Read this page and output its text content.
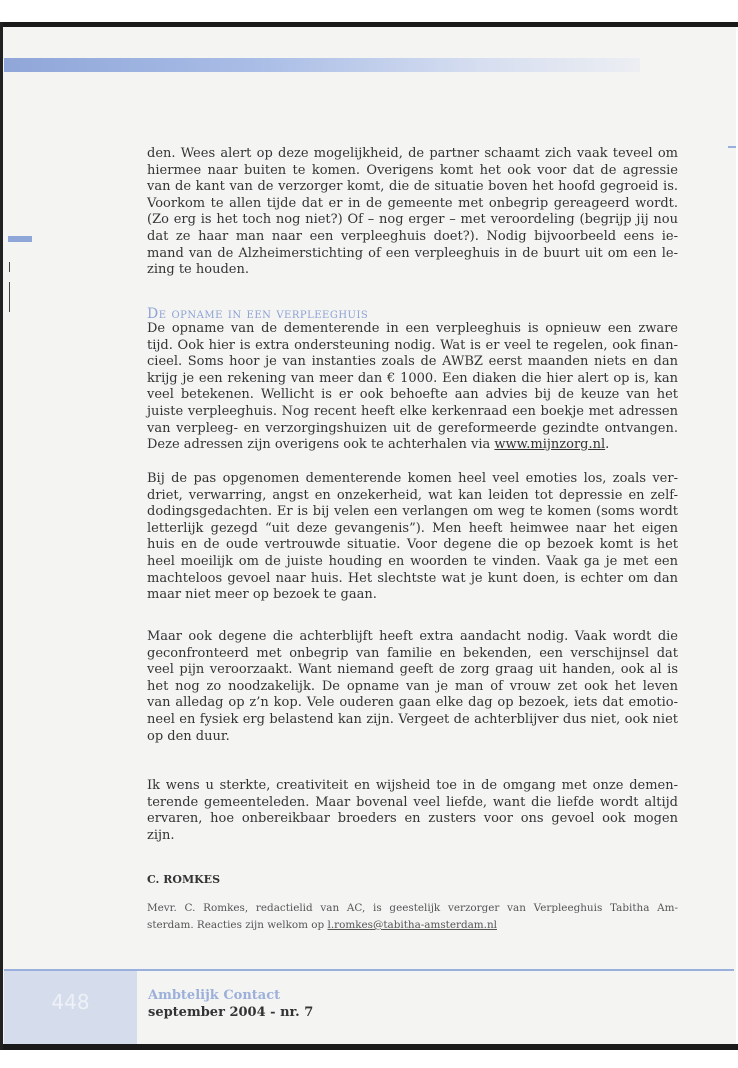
den. Wees alert op deze mogelijkheid, de partner schaamt zich vaak teveel om
hiermee naar buiten te komen. Overigens komt het ook voor dat de agressie
van de kant van de verzorger komt, die de situatie boven het hoofd gegroeid is.
Voorkom te allen tijde dat er in de gemeente met onbegrip gereageerd wordt.
(Zo erg is het toch nog niet?) Of – nog erger – met veroordeling (begrijp jij nou
dat ze haar man naar een verpleeghuis doet?). Nodig bijvoorbeeld eens ie-
mand van de Alzheimerstichting of een verpleeghuis in de buurt uit om een le-
zing te houden.
De opname in een verpleeghuis
De opname van de dementerende in een verpleeghuis is opnieuw een zware
tijd. Ook hier is extra ondersteuning nodig. Wat is er veel te regelen, ook finan-
cieel. Soms hoor je van instanties zoals de AWBZ eerst maanden niets en dan
krijg je een rekening van meer dan € 1000. Een diaken die hier alert op is, kan
veel betekenen. Wellicht is er ook behoefte aan advies bij de keuze van het
juiste verpleeghuis. Nog recent heeft elke kerkenraad een boekje met adressen
van verpleeg- en verzorgingshuizen uit de gereformeerde gezindte ontvangen.
Deze adressen zijn overigens ook te achterhalen via www.mijnzorg.nl.
Bij de pas opgenomen dementerende komen heel veel emoties los, zoals ver-
driet, verwarring, angst en onzekerheid, wat kan leiden tot depressie en zelf-
dodingsgedachten. Er is bij velen een verlangen om weg te komen (soms wordt
letterlijk gezegd “uit deze gevangenis”). Men heeft heimwee naar het eigen
huis en de oude vertrouwde situatie. Voor degene die op bezoek komt is het
heel moeilijk om de juiste houding en woorden te vinden. Vaak ga je met een
machteloos gevoel naar huis. Het slechtste wat je kunt doen, is echter om dan
maar niet meer op bezoek te gaan.
Maar ook degene die achterblijft heeft extra aandacht nodig. Vaak wordt die
geconfronteerd met onbegrip van familie en bekenden, een verschijnsel dat
veel pijn veroorzaakt. Want niemand geeft de zorg graag uit handen, ook al is
het nog zo noodzakelijk. De opname van je man of vrouw zet ook het leven
van alledag op z’n kop. Vele ouderen gaan elke dag op bezoek, iets dat emotio-
neel en fysiek erg belastend kan zijn. Vergeet de achterblijver dus niet, ook niet
op den duur.
Ik wens u sterkte, creativiteit en wijsheid toe in de omgang met onze demen-
terende gemeenteleden. Maar bovenal veel liefde, want die liefde wordt altijd
ervaren, hoe onbereikbaar broeders en zusters voor ons gevoel ook mogen
zijn.
C. ROMKES
Mevr. C. Romkes, redactielid van AC, is geestelijk verzorger van Verpleeghuis Tabitha Am-
sterdam. Reacties zijn welkom op l.romkes@tabitha-amsterdam.nl
448	Ambtelijk Contact
september 2004 - nr. 7
